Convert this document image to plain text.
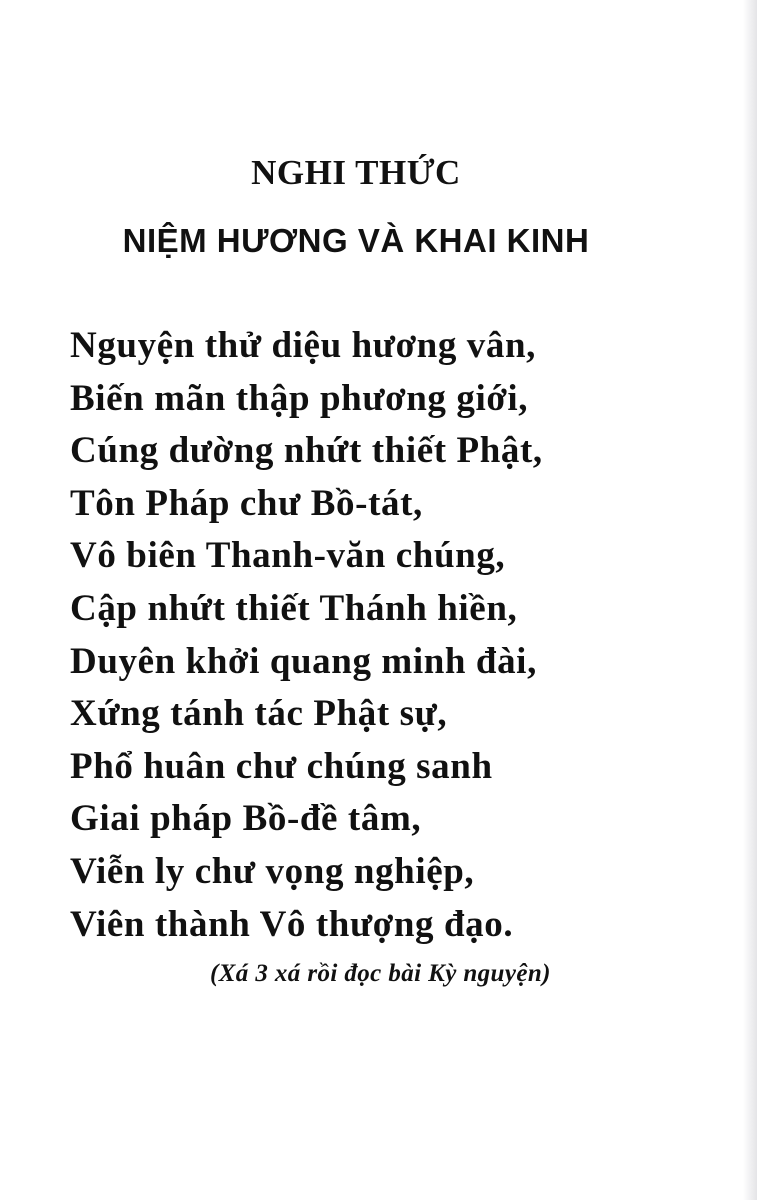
NGHI THỨC
NIỆM HƯƠNG VÀ KHAI KINH
Nguyện thử diệu hương vân,
Biến mãn thập phương giới,
Cúng dường nhứt thiết Phật,
Tôn Pháp chư Bồ-tát,
Vô biên Thanh-văn chúng,
Cập nhứt thiết Thánh hiền,
Duyên khởi quang minh đài,
Xứng tánh tác Phật sự,
Phổ huân chư chúng sanh
Giai pháp Bồ-đề tâm,
Viễn ly chư vọng nghiệp,
Viên thành Vô thượng đạo.

(Xá 3 xá rồi đọc bài Kỳ nguyện)
